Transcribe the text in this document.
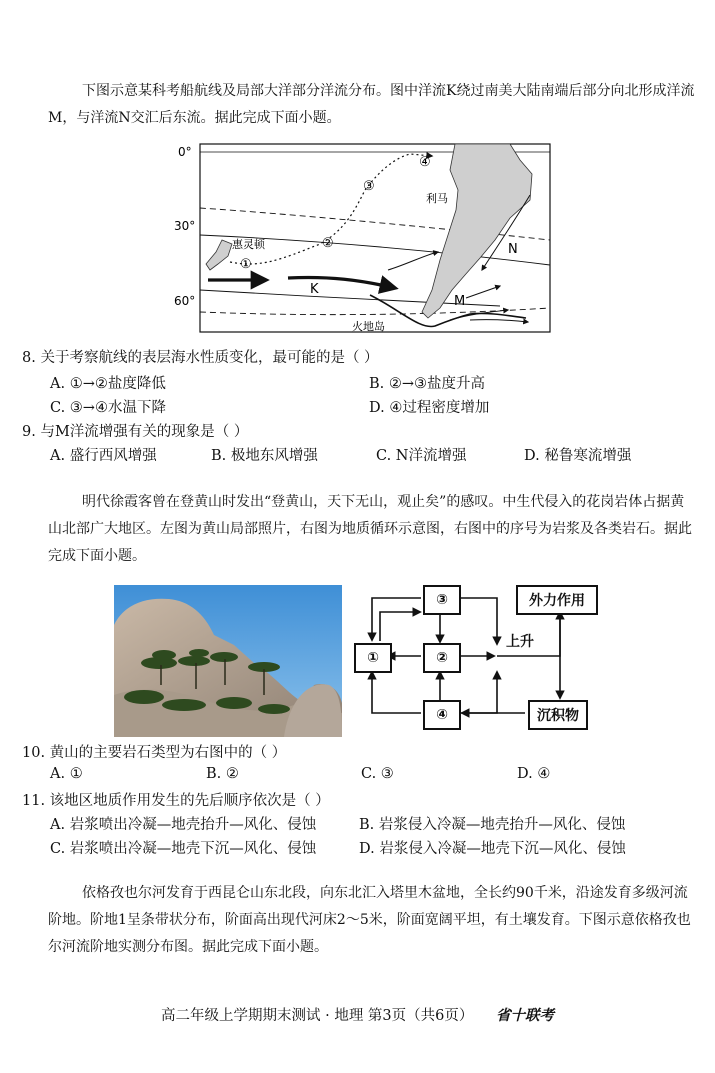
下图示意某科考船航线及局部大洋部分洋流分布。图中洋流K绕过南美大陆南端后部分向北形成洋流M，与洋流N交汇后东流。据此完成下面小题。
0°
30°
60°
利马
惠灵顿
火地岛
K
M
N
①
②
③
④
8. 关于考察航线的表层海水性质变化，最可能的是（ ）
A. ①→②盐度降低	B. ②→③盐度升高
C. ③→④水温下降	D. ④过程密度增加
9. 与M洋流增强有关的现象是（ ）
A. 盛行西风增强	B. 极地东风增强	C. N洋流增强	D. 秘鲁寒流增强
明代徐霞客曾在登黄山时发出“登黄山，天下无山，观止矣”的感叹。中生代侵入的花岗岩体占据黄山北部广大地区。左图为黄山局部照片，右图为地质循环示意图，右图中的序号为岩浆及各类岩石。据此完成下面小题。
③
①	②
④
外力作用
沉积物
上升
10. 黄山的主要岩石类型为右图中的（ ）
A. ①	B. ②	C. ③	D. ④
11. 该地区地质作用发生的先后顺序依次是（ ）
A. 岩浆喷出冷凝—地壳抬升—风化、侵蚀	B. 岩浆侵入冷凝—地壳抬升—风化、侵蚀
C. 岩浆喷出冷凝—地壳下沉—风化、侵蚀	D. 岩浆侵入冷凝—地壳下沉—风化、侵蚀
依格孜也尔河发育于西昆仑山东北段，向东北汇入塔里木盆地，全长约90千米，沿途发育多级河流阶地。阶地1呈条带状分布，阶面高出现代河床2～5米，阶面宽阔平坦，有土壤发育。下图示意依格孜也尔河流阶地实测分布图。据此完成下面小题。
高二年级上学期期末测试 · 地理 第3页（共6页） 省十联考
